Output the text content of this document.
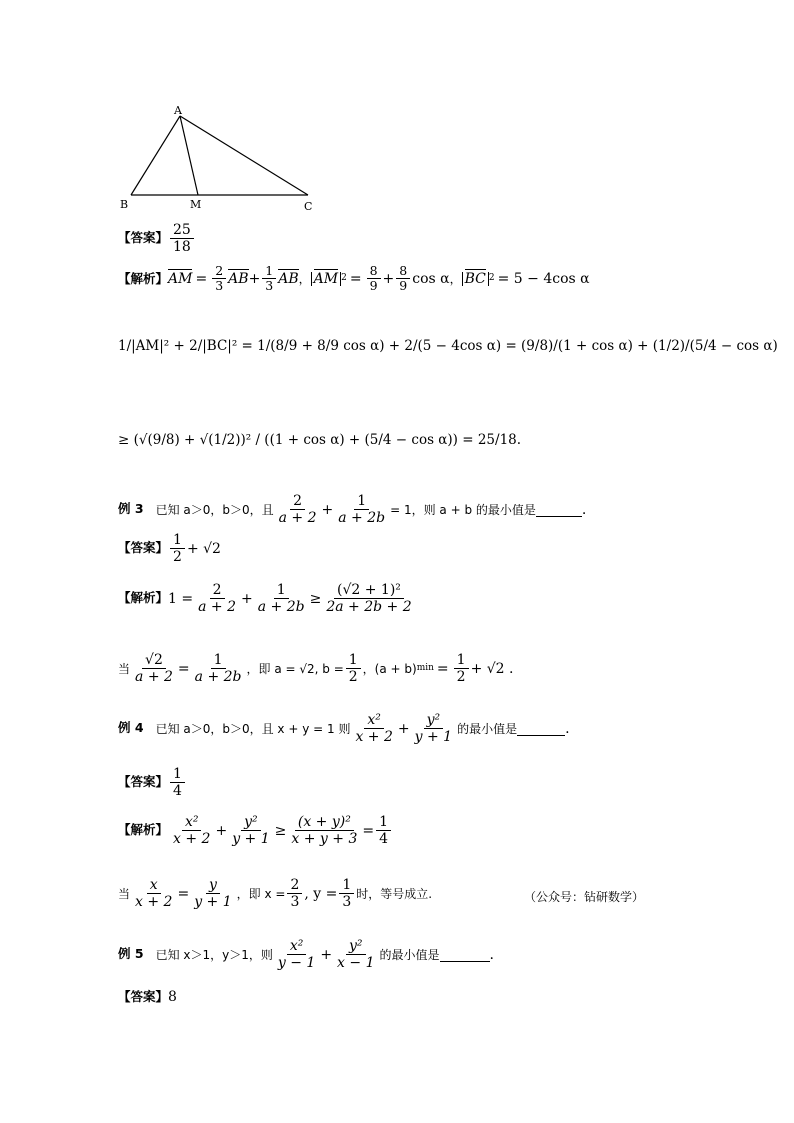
A
B	M	C
【答案】 25
18
【解析】 AM = $\frac{2}{3}$ AB + $\frac{1}{3}$ AB ， AM $2 = \frac{8}{9} + \frac{8}{9}$ cos α ， BC 2 = 5 − 4cos α
1/|AM|² + 2/|BC|² = 1/(8/9 + 8/9 cos α) + 2/(5 − 4cos α) = (9/8)/(1 + cos α) + (1/2)/(5/4 − cos α)
≥ (√(9/8) + √(1/2))² / ((1 + cos α) + (5/4 − cos α)) = 25/18.
例 3 已知 a＞0，b＞0，且
2
a + 2
+ $\frac{1}{a + 2b} = 1$，则 a + b 的最小值是	.
【答案】 1
2
+ √2
【解析】 $1 = \frac{2}{a + 2} + \frac{1}{a + 2b} \ge \frac{\text{(√2 + 1)²}}{2a + 2b + 2}$
当 $\frac{√2}{a + 2} = \frac{1}{a + 2b}$ ，即 a = √2, $b = \frac{1}{2}$ ，(a + b) $\min = \frac{1}{2} + √2$ .
例 4 已知 a＞0，b＞0，且 x + y = 1 则
x²
x + 2
+ $\frac{\text{y²}}{y + 1}$ 的最小值是	.
【答案】 1
4
【解析】 x²
x + 2
+ $\frac{\text{y²}}{y + 1} \ge \frac{\text{(x + y)²}}{x + y + 3} = \frac{1}{4}$
当 $\frac{x}{x + 2} = \frac{y}{y + 1}$ ，即 $x = \frac{2}{3}$ , $y = \frac{1}{3}$ 时，等号成立.	（公众号：钻研数学）
例 5 已知 x＞1，y＞1，则
x²
y − 1
+ $\frac{\text{y²}}{x - 1}$ 的最小值是	.
【答案】 8
